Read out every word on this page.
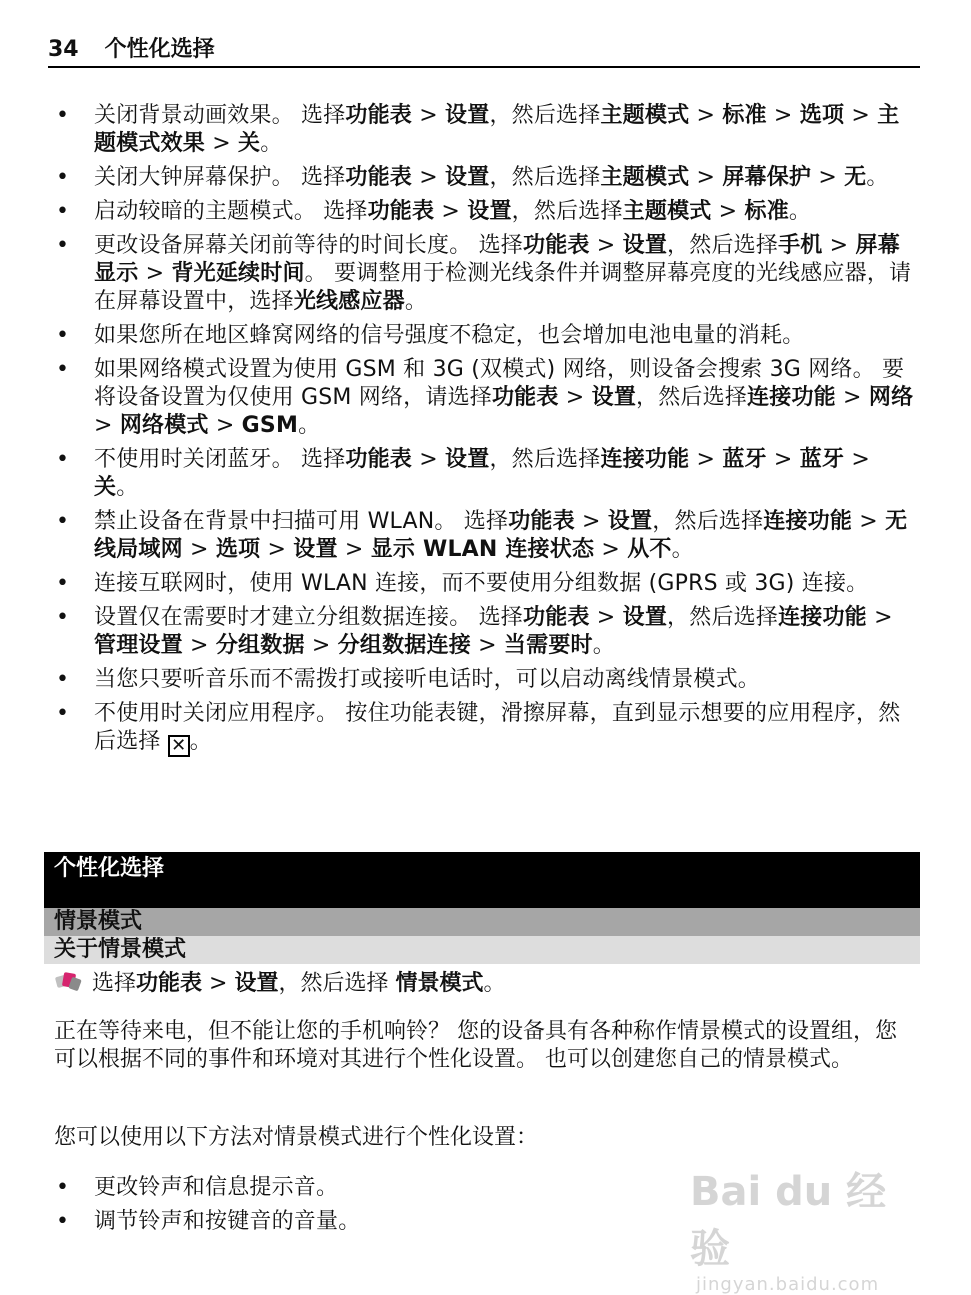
34 个性化选择
•	关闭背景动画效果。 选择功能表 > 设置，然后选择主题模式 > 标准 > 选项 > 主题模式效果 > 关。
•	关闭大钟屏幕保护。 选择功能表 > 设置，然后选择主题模式 > 屏幕保护 > 无。
•	启动较暗的主题模式。 选择功能表 > 设置，然后选择主题模式 > 标准。
•	更改设备屏幕关闭前等待的时间长度。 选择功能表 > 设置，然后选择手机 > 屏幕显示 > 背光延续时间。 要调整用于检测光线条件并调整屏幕亮度的光线感应器，请在屏幕设置中，选择光线感应器。
•	如果您所在地区蜂窝网络的信号强度不稳定，也会增加电池电量的消耗。
•	如果网络模式设置为使用 GSM 和 3G (双模式) 网络，则设备会搜索 3G 网络。 要将设备设置为仅使用 GSM 网络，请选择功能表 > 设置，然后选择连接功能 > 网络 > 网络模式 > GSM。
•	不使用时关闭蓝牙。 选择功能表 > 设置，然后选择连接功能 > 蓝牙 > 蓝牙 > 关。
•	禁止设备在背景中扫描可用 WLAN。 选择功能表 > 设置，然后选择连接功能 > 无线局域网 > 选项 > 设置 > 显示 WLAN 连接状态 > 从不。
•	连接互联网时，使用 WLAN 连接，而不要使用分组数据 (GPRS 或 3G) 连接。
•	设置仅在需要时才建立分组数据连接。 选择功能表 > 设置，然后选择连接功能 > 管理设置 > 分组数据 > 分组数据连接 > 当需要时。
•	当您只要听音乐而不需拨打或接听电话时，可以启动离线情景模式。
•	不使用时关闭应用程序。 按住功能表键，滑擦屏幕，直到显示想要的应用程序，然后选择 ✕ 。
个性化选择
情景模式
关于情景模式

选择功能表 > 设置，然后选择 情景模式。

正在等待来电，但不能让您的手机响铃？ 您的设备具有各种称作情景模式的设置组，您可以根据不同的事件和环境对其进行个性化设置。 也可以创建您自己的情景模式。

您可以使用以下方法对情景模式进行个性化设置：

•	更改铃声和信息提示音。
•	调节铃声和按键音的音量。
Bai du 经验
jingyan.baidu.com
